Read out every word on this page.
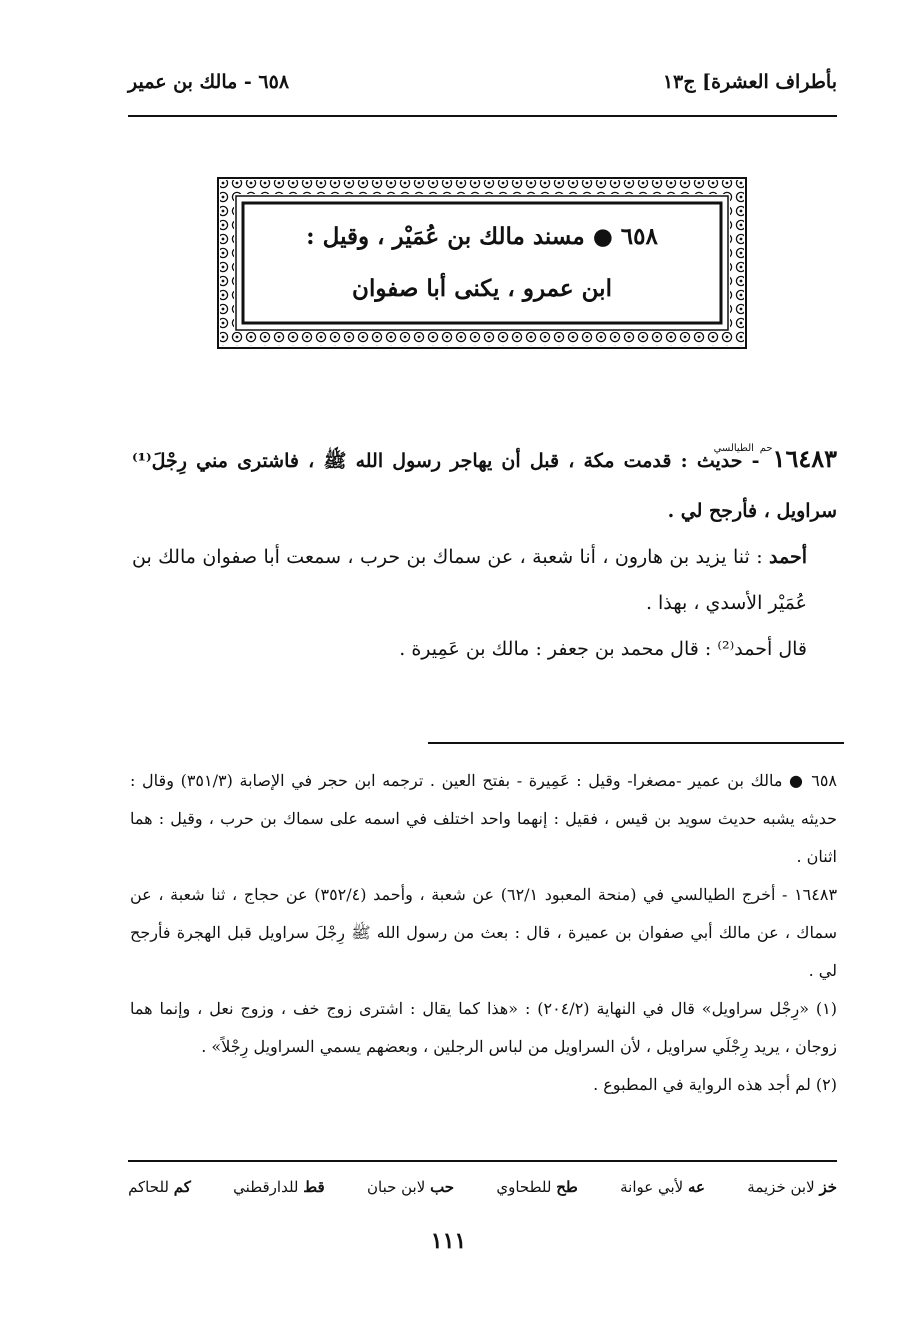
بأطراف العشرة] ج١٣
٦٥٨ - مالك بن عمير
٦٥٨ ● مسند مالك بن عُمَيْر ، وقيل :
ابن عمرو ، يكنى أبا صفوان

$١٦٤٨٣^{حم الطيالسي}-$ حديث : قدمت مكة ، قبل أن يهاجر رسول الله ﷺ ، فاشترى مني رِجْلَ⁽¹⁾ سراويل ، فأرجح لي .

أحمد : ثنا يزيد بن هارون ، أنا شعبة ، عن سماك بن حرب ، سمعت أبا صفوان مالك بن عُمَيْر الأسدي ، بهذا .

قال أحمد⁽²⁾ : قال محمد بن جعفر : مالك بن عَمِيرة .

٦٥٨ ● مالك بن عمير -مصغرا- وقيل : عَمِيرة - بفتح العين . ترجمه ابن حجر في الإصابة (٣٥١/٣) وقال : حديثه يشبه حديث سويد بن قيس ، فقيل : إنهما واحد اختلف في اسمه على سماك بن حرب ، وقيل : هما اثنان .

١٦٤٨٣ - أخرج الطيالسي في (منحة المعبود ٦٢/١) عن شعبة ، وأحمد (٣٥٢/٤) عن حجاج ، ثنا شعبة ، عن سماك ، عن مالك أبي صفوان بن عميرة ، قال : بعث من رسول الله ﷺ رِجْلَ سراويل قبل الهجرة فأرجح لي .

(١) «رِجْل سراويل» قال في النهاية (٢٠٤/٢) : «هذا كما يقال : اشترى زوج خف ، وزوج نعل ، وإنما هما زوجان ، يريد رِجْلَي سراويل ، لأن السراويل من لباس الرجلين ، وبعضهم يسمي السراويل رِجْلاً» .

(٢) لم أجد هذه الرواية في المطبوع .

خز لابن خزيمة
عه لأبي عوانة
طح للطحاوي
حب لابن حبان
قط للدارقطني
كم للحاكم
١١١
